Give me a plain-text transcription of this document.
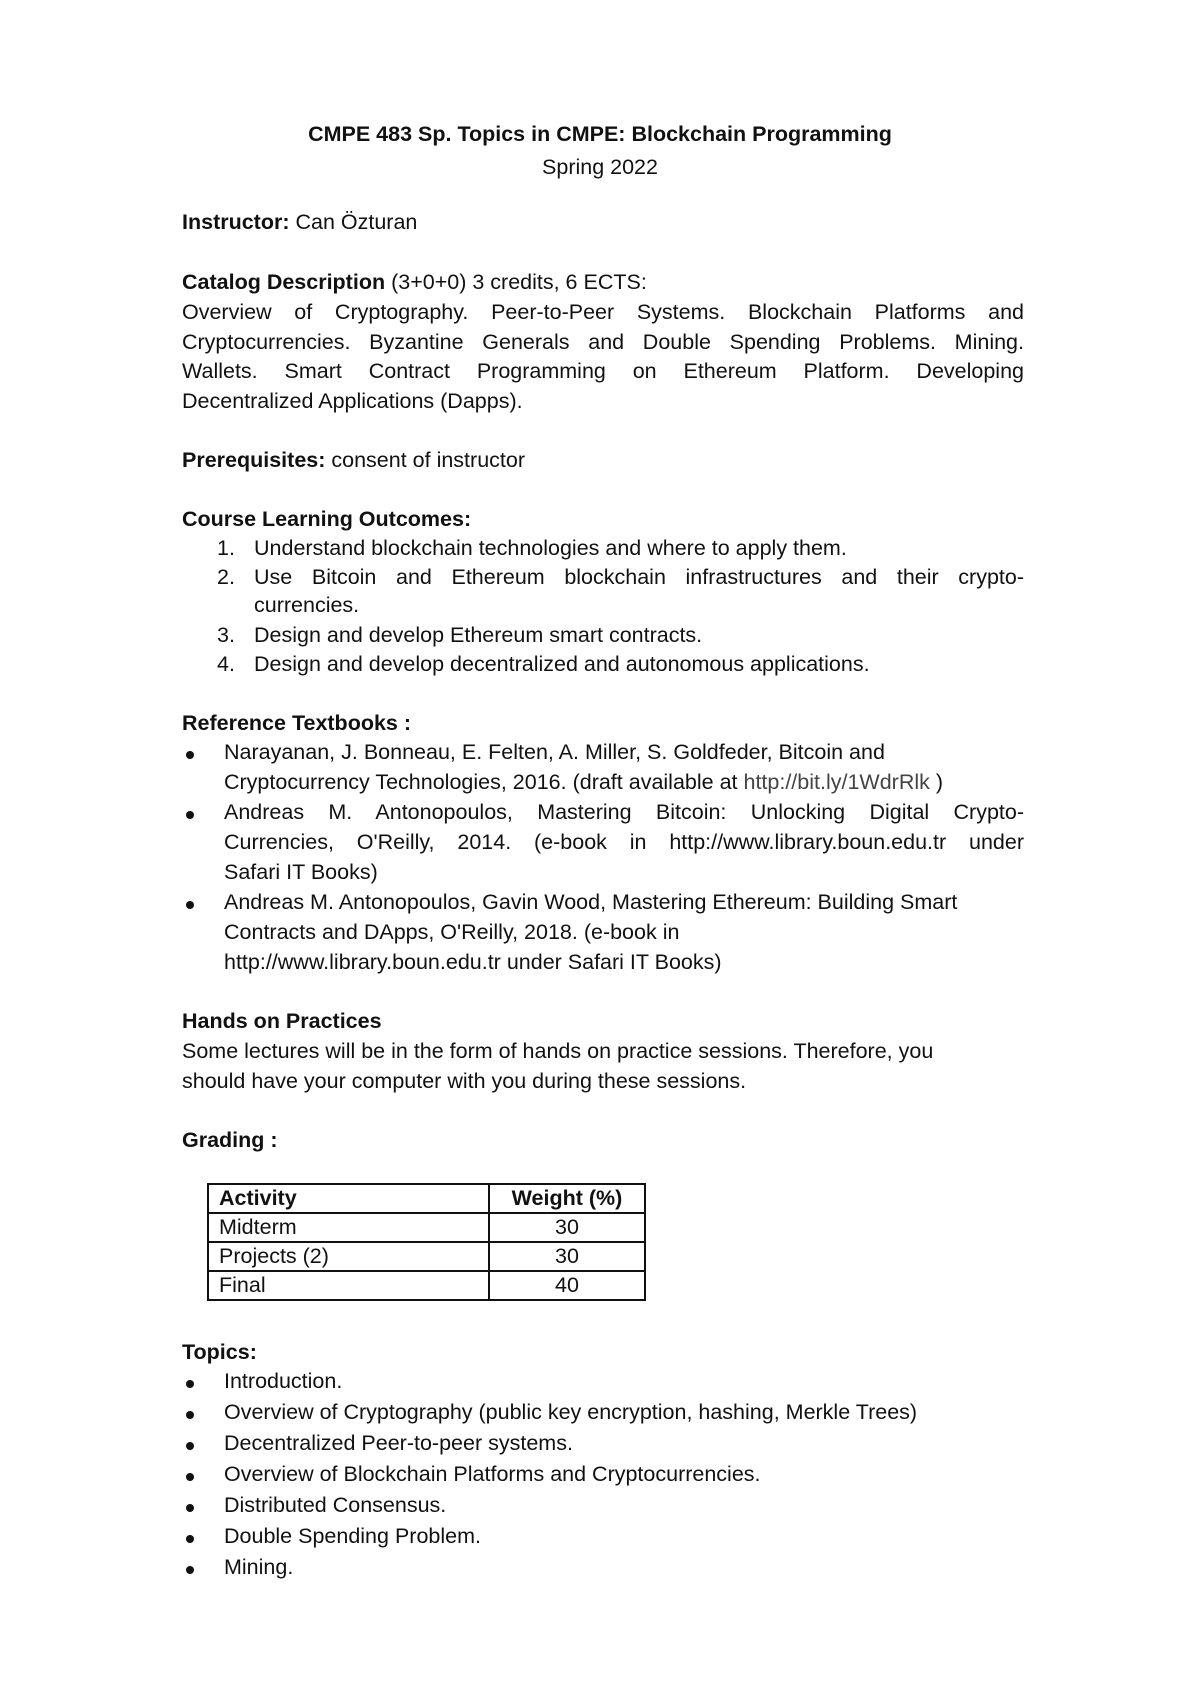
CMPE 483 Sp. Topics in CMPE: Blockchain Programming
Spring 2022
Instructor: Can Özturan
Catalog Description (3+0+0) 3 credits, 6 ECTS:
Overview of Cryptography. Peer-to-Peer Systems. Blockchain Platforms and
Cryptocurrencies. Byzantine Generals and Double Spending Problems. Mining.
Wallets. Smart Contract Programming on Ethereum Platform. Developing
Decentralized Applications (Dapps).
Prerequisites: consent of instructor
Course Learning Outcomes:
1. Understand blockchain technologies and where to apply them.
2. Use Bitcoin and Ethereum blockchain infrastructures and their crypto-
currencies.
3. Design and develop Ethereum smart contracts.
4. Design and develop decentralized and autonomous applications.
Reference Textbooks :
Narayanan, J. Bonneau, E. Felten, A. Miller, S. Goldfeder, Bitcoin and
Cryptocurrency Technologies, 2016. (draft available at http://bit.ly/1WdrRlk )
Andreas M. Antonopoulos, Mastering Bitcoin: Unlocking Digital Crypto-
Currencies, O'Reilly, 2014. (e-book in http://www.library.boun.edu.tr under
Safari IT Books)
Andreas M. Antonopoulos, Gavin Wood, Mastering Ethereum: Building Smart
Contracts and DApps, O'Reilly, 2018. (e-book in
http://www.library.boun.edu.tr under Safari IT Books)
Hands on Practices
Some lectures will be in the form of hands on practice sessions. Therefore, you
should have your computer with you during these sessions.
Grading :
Activity	Weight (%)
Midterm	30
Projects (2)	30
Final	40
Topics:
Introduction.
Overview of Cryptography (public key encryption, hashing, Merkle Trees)
Decentralized Peer-to-peer systems.
Overview of Blockchain Platforms and Cryptocurrencies.
Distributed Consensus.
Double Spending Problem.
Mining.
